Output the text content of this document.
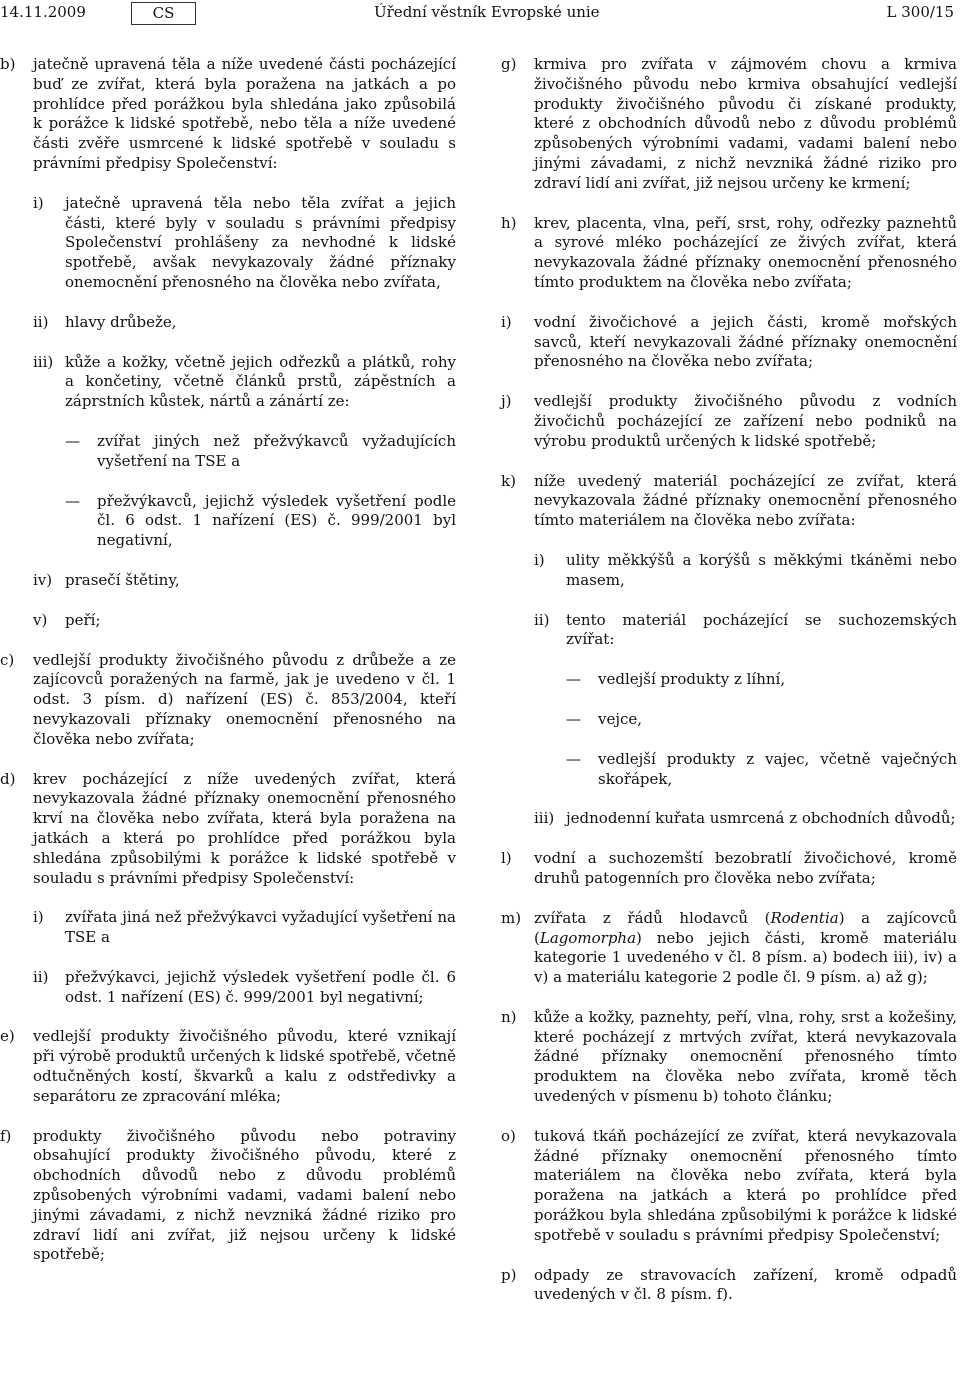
14.11.2009	CS	Úřední věstník Evropské unie	L 300/15
b) jatečně upravená těla a níže uvedené části pocházející buď ze zvířat, která byla poražena na jatkách a po prohlídce před porážkou byla shledána jako způsobilá k porážce k lidské spotřebě, nebo těla a níže uvedené části zvěře usmrcené k lidské spotřebě v souladu s právními předpisy Společenství:
i) jatečně upravená těla nebo těla zvířat a jejich části, které byly v souladu s právními předpisy Společenství prohlášeny za nevhodné k lidské spotřebě, avšak nevykazovaly žádné příznaky onemocnění přenosného na člověka nebo zvířata,
ii) hlavy drůbeže,
iii) kůže a kožky, včetně jejich odřezků a plátků, rohy a končetiny, včetně článků prstů, zápěstních a záprstních kůstek, nártů a zánártí ze:
— zvířat jiných než přežvýkavců vyžadujících vyšetření na TSE a
— přežvýkavců, jejichž výsledek vyšetření podle čl. 6 odst. 1 nařízení (ES) č. 999/2001 byl negativní,
iv) prasečí štětiny,
v) peří;
c) vedlejší produkty živočišného původu z drůbeže a ze zajícovců poražených na farmě, jak je uvedeno v čl. 1 odst. 3 písm. d) nařízení (ES) č. 853/2004, kteří nevykazovali příznaky onemocnění přenosného na člověka nebo zvířata;
d) krev pocházející z níže uvedených zvířat, která nevykazovala žádné příznaky onemocnění přenosného krví na člověka nebo zvířata, která byla poražena na jatkách a která po prohlídce před porážkou byla shledána způsobilými k porážce k lidské spotřebě v souladu s právními předpisy Společenství:
i) zvířata jiná než přežvýkavci vyžadující vyšetření na TSE a
ii) přežvýkavci, jejichž výsledek vyšetření podle čl. 6 odst. 1 nařízení (ES) č. 999/2001 byl negativní;
e) vedlejší produkty živočišného původu, které vznikají při výrobě produktů určených k lidské spotřebě, včetně odtučněných kostí, škvarků a kalu z odstředivky a separátoru ze zpracování mléka;
f) produkty živočišného původu nebo potraviny obsahující produkty živočišného původu, které z obchodních důvodů nebo z důvodu problémů způsobených výrobními vadami, vadami balení nebo jinými závadami, z nichž nevzniká žádné riziko pro zdraví lidí ani zvířat, již nejsou určeny k lidské spotřebě;
g) krmiva pro zvířata v zájmovém chovu a krmiva živočišného původu nebo krmiva obsahující vedlejší produkty živočišného původu či získané produkty, které z obchodních důvodů nebo z důvodu problémů způsobených výrobními vadami, vadami balení nebo jinými závadami, z nichž nevzniká žádné riziko pro zdraví lidí ani zvířat, již nejsou určeny ke krmení;
h) krev, placenta, vlna, peří, srst, rohy, odřezky paznehtů a syrové mléko pocházející ze živých zvířat, která nevykazovala žádné příznaky onemocnění přenosného tímto produktem na člověka nebo zvířata;
i) vodní živočichové a jejich části, kromě mořských savců, kteří nevykazovali žádné příznaky onemocnění přenosného na člověka nebo zvířata;
j) vedlejší produkty živočišného původu z vodních živočichů pocházející ze zařízení nebo podniků na výrobu produktů určených k lidské spotřebě;
k) níže uvedený materiál pocházející ze zvířat, která nevykazovala žádné příznaky onemocnění přenosného tímto materiálem na člověka nebo zvířata:
i) ulity měkkýšů a korýšů s měkkými tkáněmi nebo masem,
ii) tento materiál pocházející se suchozemských zvířat:
— vedlejší produkty z líhní,
— vejce,
— vedlejší produkty z vajec, včetně vaječných skořápek,
iii) jednodenní kuřata usmrcená z obchodních důvodů;
l) vodní a suchozemští bezobratlí živočichové, kromě druhů patogenních pro člověka nebo zvířata;
m) zvířata z řádů hlodavců (Rodentia) a zajícovců (Lagomorpha) nebo jejich části, kromě materiálu kategorie 1 uvedeného v čl. 8 písm. a) bodech iii), iv) a v) a materiálu kategorie 2 podle čl. 9 písm. a) až g);
n) kůže a kožky, paznehty, peří, vlna, rohy, srst a kožešiny, které pocházejí z mrtvých zvířat, která nevykazovala žádné příznaky onemocnění přenosného tímto produktem na člověka nebo zvířata, kromě těch uvedených v písmenu b) tohoto článku;
o) tuková tkáň pocházející ze zvířat, která nevykazovala žádné příznaky onemocnění přenosného tímto materiálem na člověka nebo zvířata, která byla poražena na jatkách a která po prohlídce před porážkou byla shledána způsobilými k porážce k lidské spotřebě v souladu s právními předpisy Společenství;
p) odpady ze stravovacích zařízení, kromě odpadů uvedených v čl. 8 písm. f).
